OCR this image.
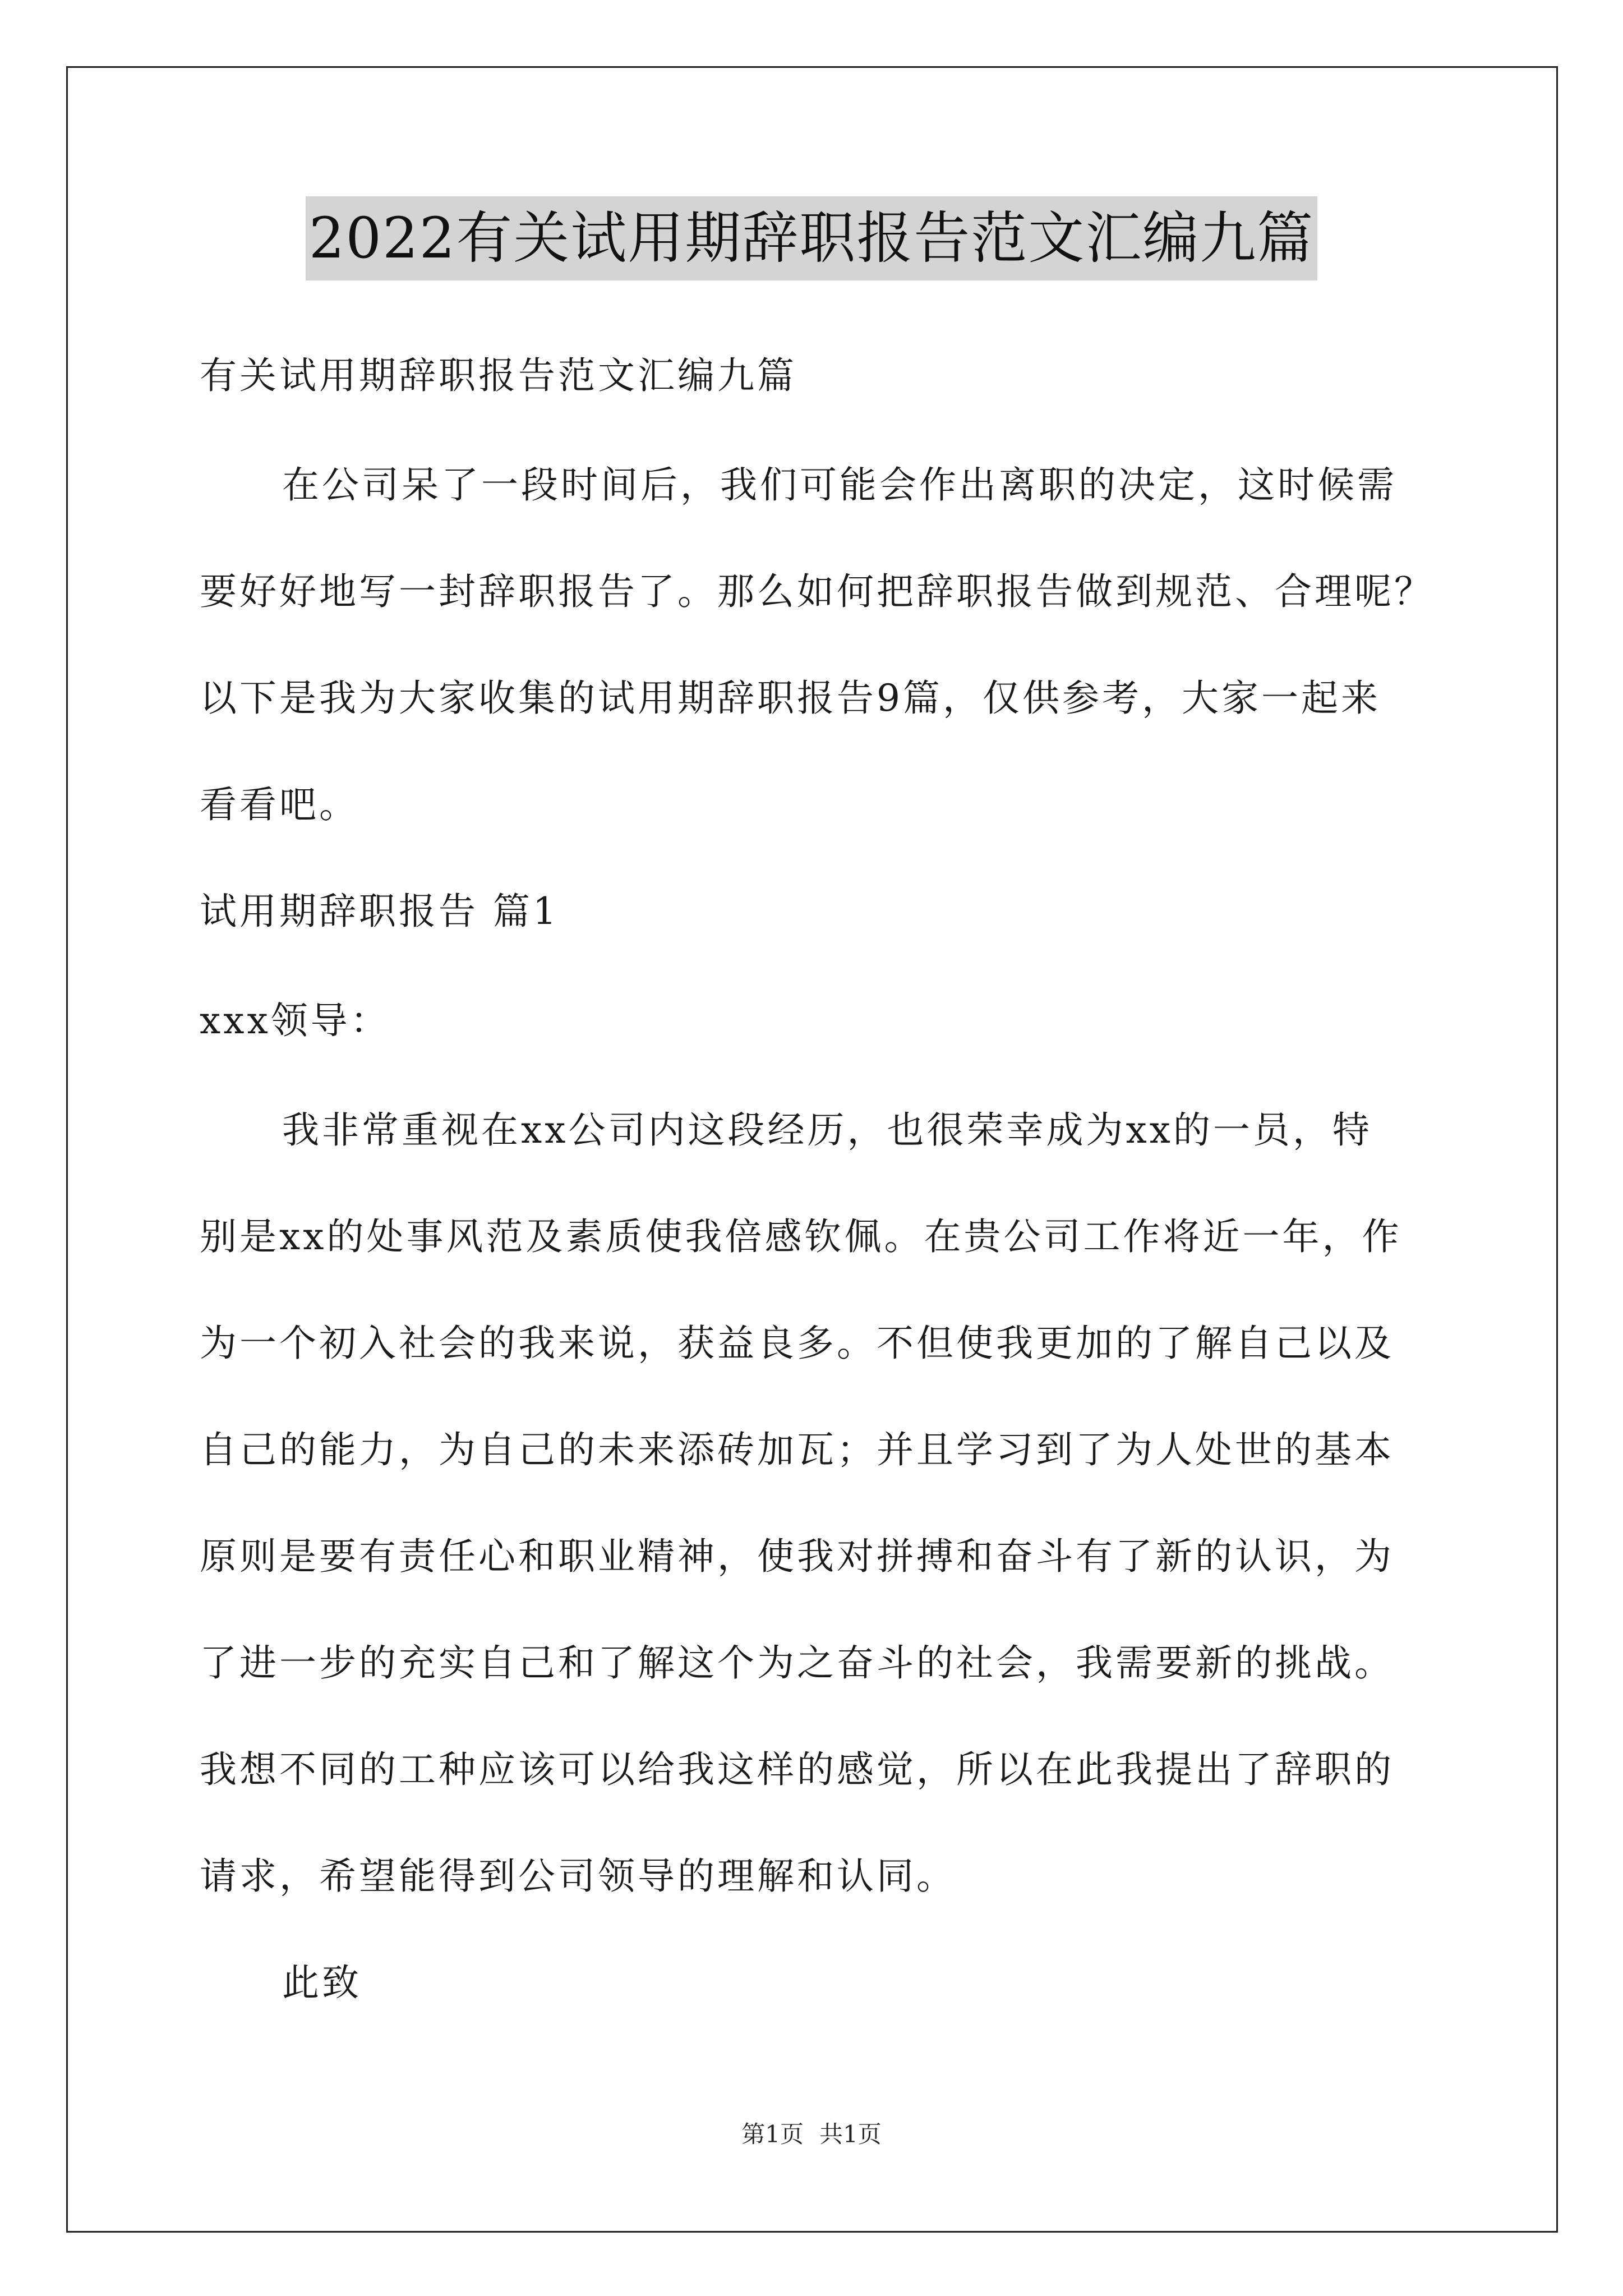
2022有关试用期辞职报告范文汇编九篇
有关试用期辞职报告范文汇编九篇
在公司呆了一段时间后，我们可能会作出离职的决定，这时候需
要好好地写一封辞职报告了。那么如何把辞职报告做到规范、合理呢？
以下是我为大家收集的试用期辞职报告9篇，仅供参考，大家一起来
看看吧。
试用期辞职报告 篇1
xxx领导：
我非常重视在xx公司内这段经历，也很荣幸成为xx的一员，特
别是xx的处事风范及素质使我倍感钦佩。在贵公司工作将近一年，作
为一个初入社会的我来说，获益良多。不但使我更加的了解自己以及
自己的能力，为自己的未来添砖加瓦；并且学习到了为人处世的基本
原则是要有责任心和职业精神，使我对拼搏和奋斗有了新的认识，为
了进一步的充实自己和了解这个为之奋斗的社会，我需要新的挑战。
我想不同的工种应该可以给我这样的感觉，所以在此我提出了辞职的
请求，希望能得到公司领导的理解和认同。
此致
第1页 共1页
